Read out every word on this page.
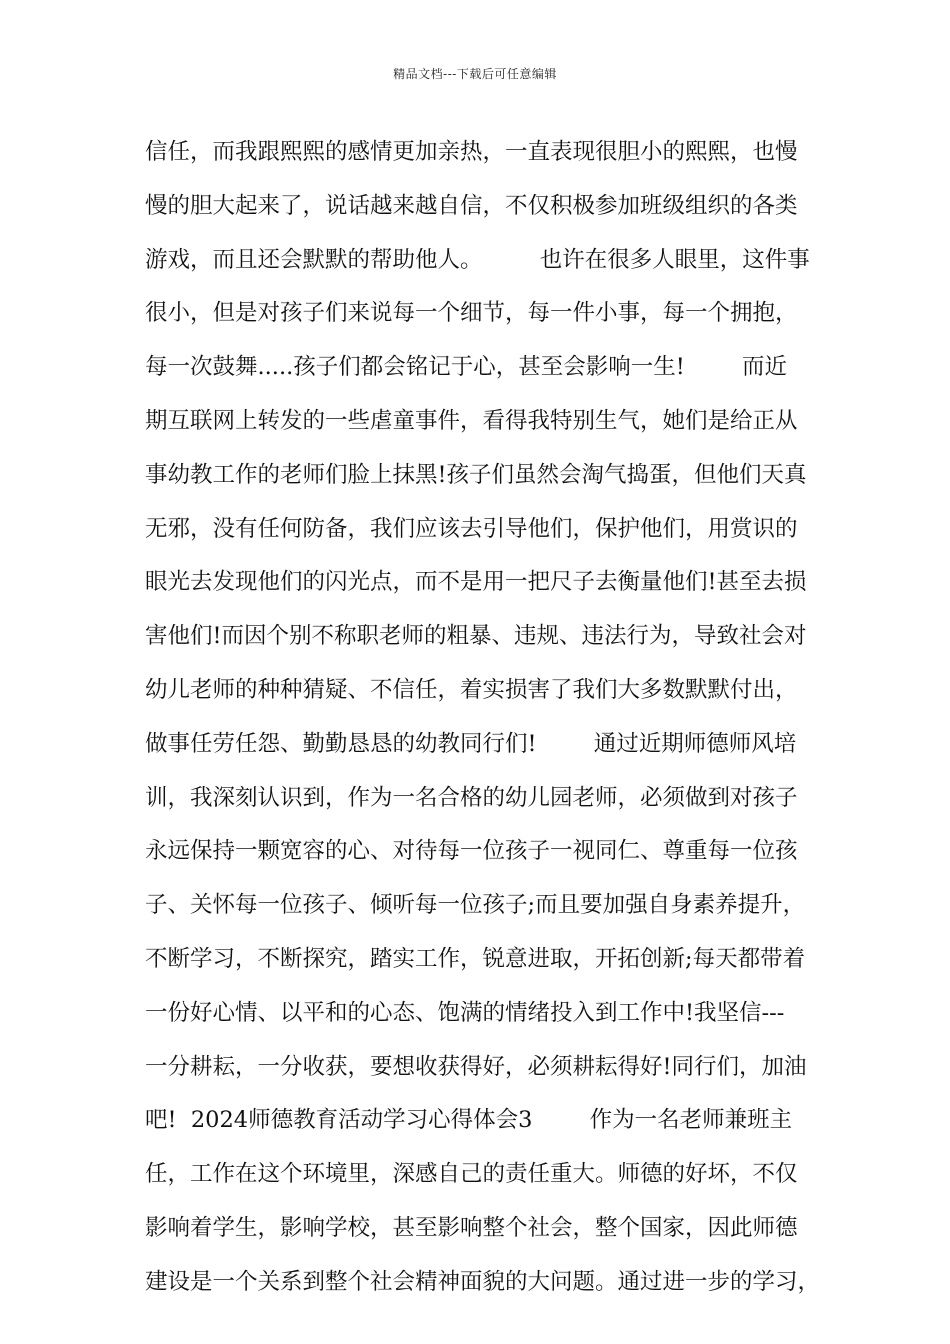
精品文档---下载后可任意编辑
信任，而我跟熙熙的感情更加亲热，一直表现很胆小的熙熙，也慢
慢的胆大起来了，说话越来越自信，不仅积极参加班级组织的各类
游戏，而且还会默默的帮助他人。        也许在很多人眼里，这件事
很小，但是对孩子们来说每一个细节，每一件小事，每一个拥抱，
每一次鼓舞.....孩子们都会铭记于心，甚至会影响一生!        而近
期互联网上转发的一些虐童事件，看得我特别生气，她们是给正从
事幼教工作的老师们脸上抹黑!孩子们虽然会淘气捣蛋，但他们天真
无邪，没有任何防备，我们应该去引导他们，保护他们，用赏识的
眼光去发现他们的闪光点，而不是用一把尺子去衡量他们!甚至去损
害他们!而因个别不称职老师的粗暴、违规、违法行为，导致社会对
幼儿老师的种种猜疑、不信任，着实损害了我们大多数默默付出，
做事任劳任怨、勤勤恳恳的幼教同行们!        通过近期师德师风培
训，我深刻认识到，作为一名合格的幼儿园老师，必须做到对孩子
永远保持一颗宽容的心、对待每一位孩子一视同仁、尊重每一位孩
子、关怀每一位孩子、倾听每一位孩子;而且要加强自身素养提升，
不断学习，不断探究，踏实工作，锐意进取，开拓创新;每天都带着
一份好心情、以平和的心态、饱满的情绪投入到工作中!我坚信---
一分耕耘，一分收获，要想收获得好，必须耕耘得好!同行们，加油
吧!  2024师德教育活动学习心得体会3        作为一名老师兼班主
任，工作在这个环境里，深感自己的责任重大。师德的好坏，不仅
影响着学生，影响学校，甚至影响整个社会，整个国家，因此师德
建设是一个关系到整个社会精神面貌的大问题。通过进一步的学习，
